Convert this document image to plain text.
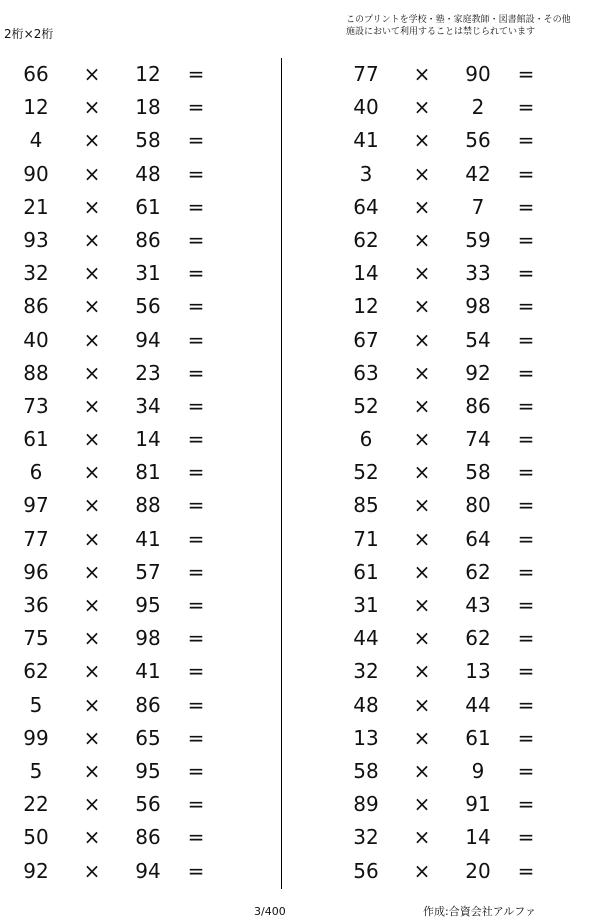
2桁×2桁
このプリントを学校・塾・家庭教師・図書館設・その他
施設において利用することは禁じられています
66	×	12	=
12	×	18	=
4	×	58	=
90	×	48	=
21	×	61	=
93	×	86	=
32	×	31	=
86	×	56	=
40	×	94	=
88	×	23	=
73	×	34	=
61	×	14	=
6	×	81	=
97	×	88	=
77	×	41	=
96	×	57	=
36	×	95	=
75	×	98	=
62	×	41	=
5	×	86	=
99	×	65	=
5	×	95	=
22	×	56	=
50	×	86	=
92	×	94	=
77	×	90	=
40	×	2	=
41	×	56	=
3	×	42	=
64	×	7	=
62	×	59	=
14	×	33	=
12	×	98	=
67	×	54	=
63	×	92	=
52	×	86	=
6	×	74	=
52	×	58	=
85	×	80	=
71	×	64	=
61	×	62	=
31	×	43	=
44	×	62	=
32	×	13	=
48	×	44	=
13	×	61	=
58	×	9	=
89	×	91	=
32	×	14	=
56	×	20	=
3/400	作成:合資会社アルファ
